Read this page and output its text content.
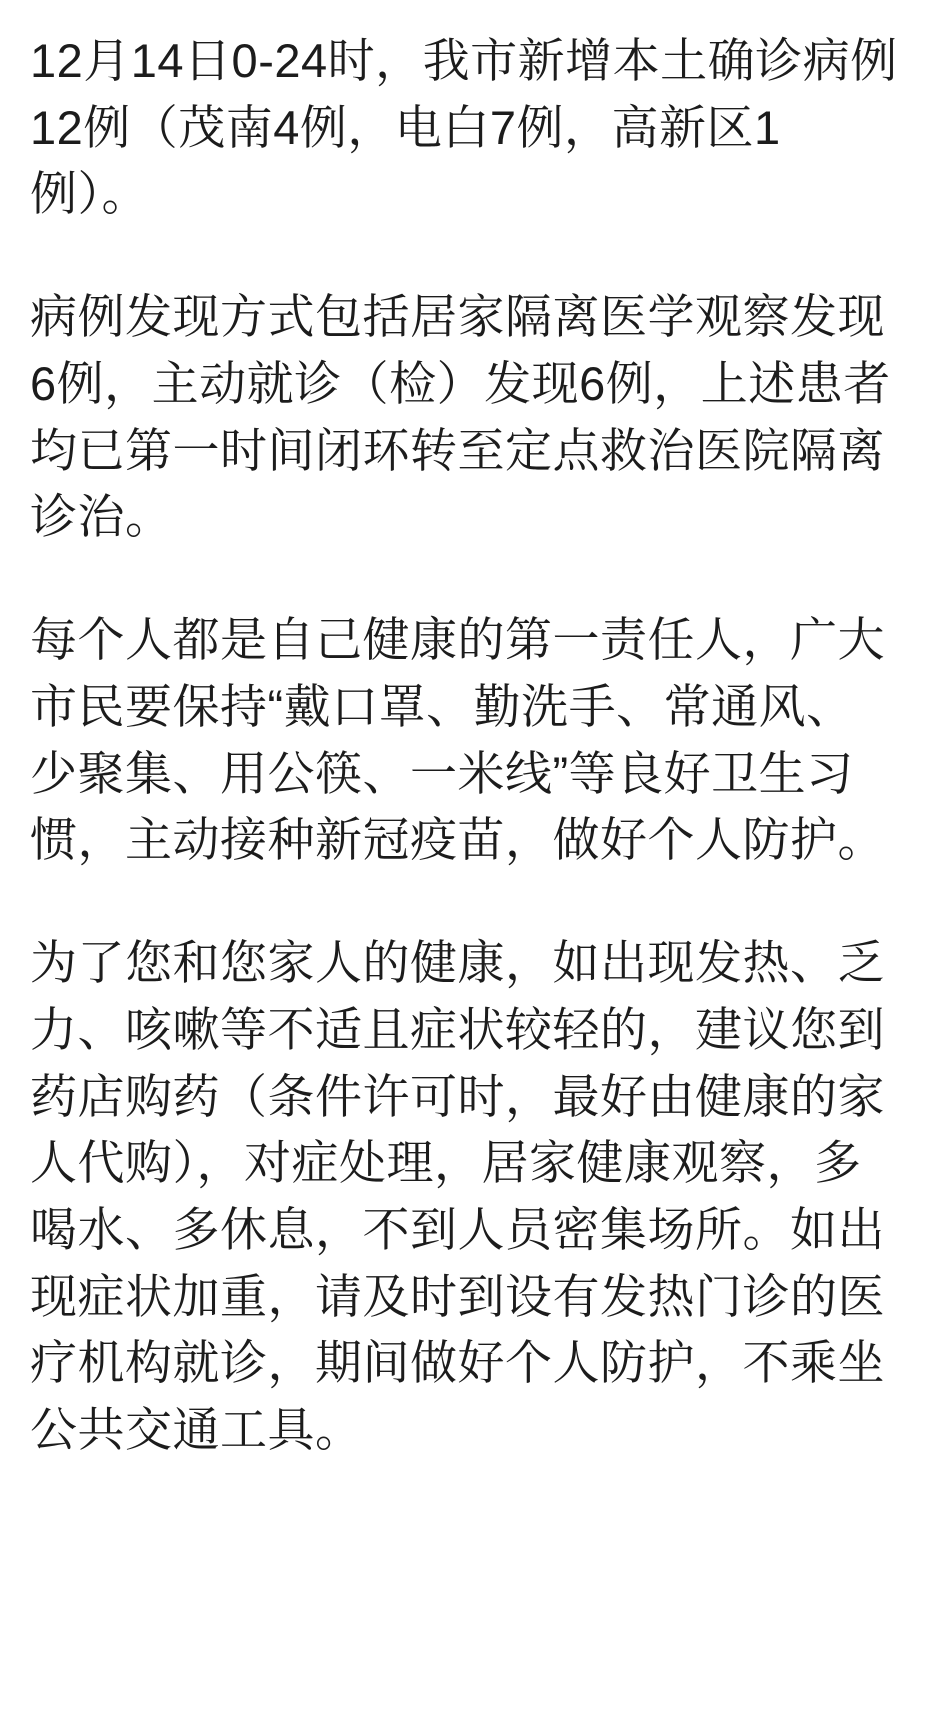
12月14日0-24时，我市新增本土确诊病例12例（茂南4例，电白7例，高新区1例）。

病例发现方式包括居家隔离医学观察发现6例，主动就诊（检）发现6例，上述患者均已第一时间闭环转至定点救治医院隔离诊治。

每个人都是自己健康的第一责任人，广大市民要保持“戴口罩、勤洗手、常通风、少聚集、用公筷、一米线”等良好卫生习惯，主动接种新冠疫苗，做好个人防护。

为了您和您家人的健康，如出现发热、乏力、咳嗽等不适且症状较轻的，建议您到药店购药（条件许可时，最好由健康的家人代购），对症处理，居家健康观察，多喝水、多休息，不到人员密集场所。如出现症状加重，请及时到设有发热门诊的医疗机构就诊，期间做好个人防护，不乘坐公共交通工具。
